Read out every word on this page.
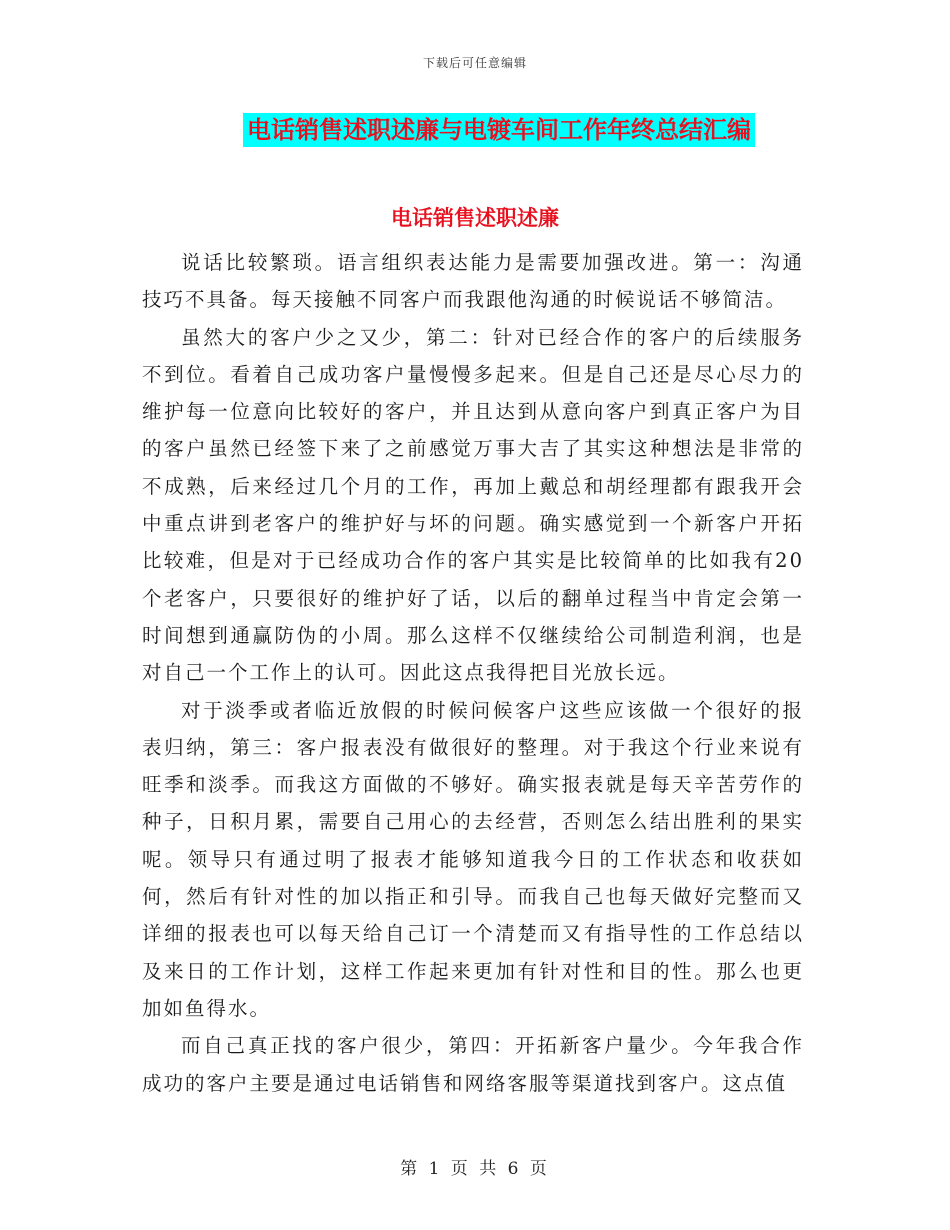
下载后可任意编辑
电话销售述职述廉与电镀车间工作年终总结汇编
电话销售述职述廉

说话比较繁琐。语言组织表达能力是需要加强改进。第一：沟通技巧不具备。每天接触不同客户而我跟他沟通的时候说话不够简洁。

虽然大的客户少之又少，第二：针对已经合作的客户的后续服务不到位。看着自己成功客户量慢慢多起来。但是自己还是尽心尽力的维护每一位意向比较好的客户，并且达到从意向客户到真正客户为目的客户虽然已经签下来了之前感觉万事大吉了其实这种想法是非常的不成熟，后来经过几个月的工作，再加上戴总和胡经理都有跟我开会中重点讲到老客户的维护好与坏的问题。确实感觉到一个新客户开拓比较难，但是对于已经成功合作的客户其实是比较简单的比如我有20个老客户，只要很好的维护好了话，以后的翻单过程当中肯定会第一时间想到通赢防伪的小周。那么这样不仅继续给公司制造利润，也是对自己一个工作上的认可。因此这点我得把目光放长远。

对于淡季或者临近放假的时候问候客户这些应该做一个很好的报表归纳，第三：客户报表没有做很好的整理。对于我这个行业来说有旺季和淡季。而我这方面做的不够好。确实报表就是每天辛苦劳作的种子，日积月累，需要自己用心的去经营，否则怎么结出胜利的果实呢。领导只有通过明了报表才能够知道我今日的工作状态和收获如何，然后有针对性的加以指正和引导。而我自己也每天做好完整而又详细的报表也可以每天给自己订一个清楚而又有指导性的工作总结以及来日的工作计划，这样工作起来更加有针对性和目的性。那么也更加如鱼得水。

而自己真正找的客户很少，第四：开拓新客户量少。今年我合作成功的客户主要是通过电话销售和网络客服等渠道找到客户。这点值

第 1 页 共 6 页
